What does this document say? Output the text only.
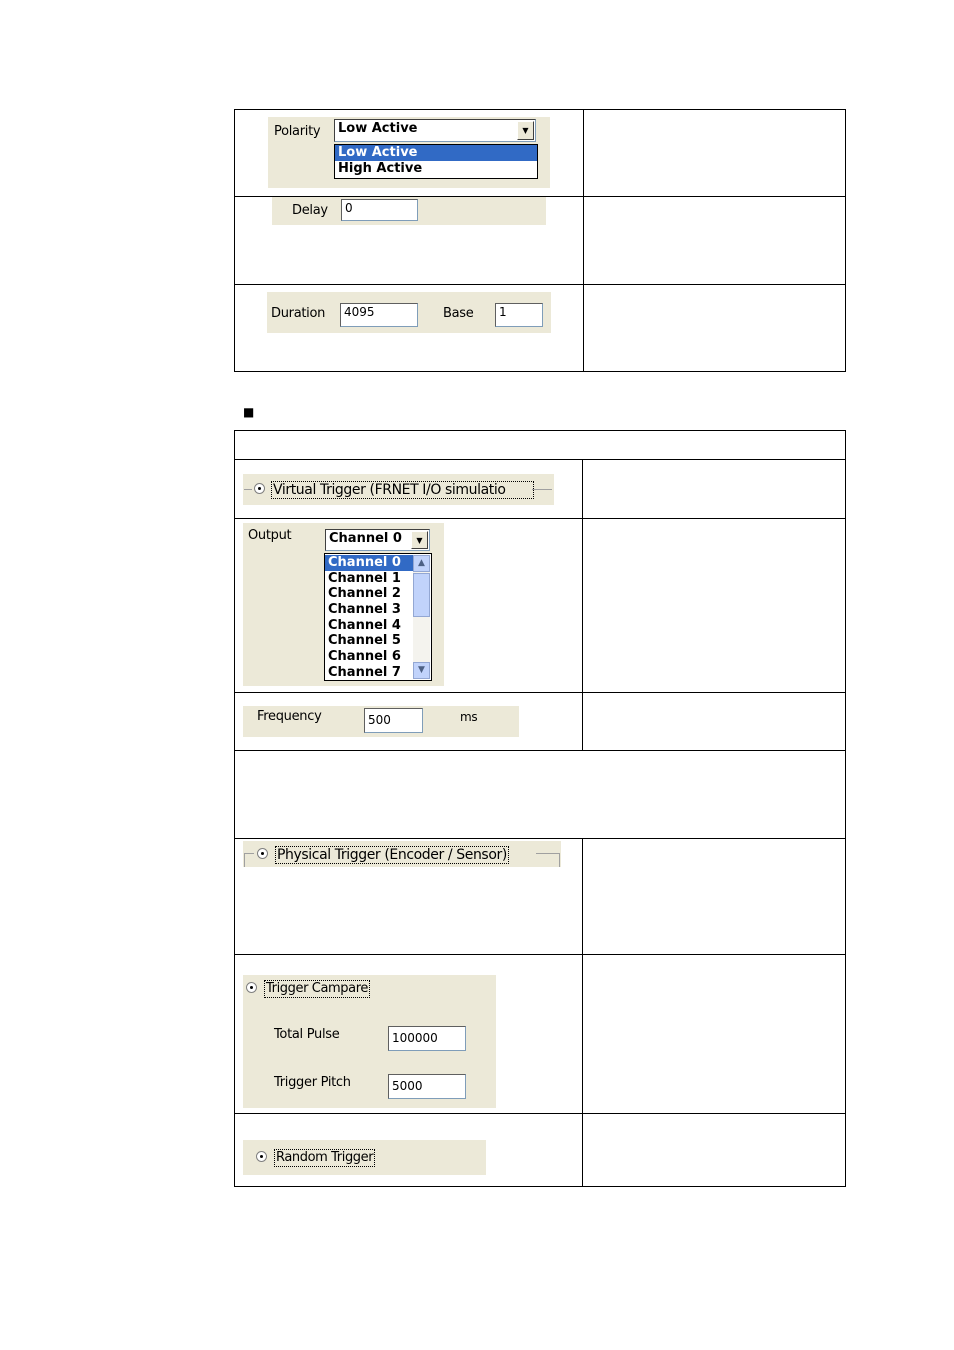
Polarity	Low Active	▼
Low Active
High Active
Delay	0
Duration	4095	Base	1
■
Virtual Trigger (FRNET I/O simulatio
Output	Channel 0	▼
Channel 0
Channel 1
Channel 2
Channel 3
Channel 4
Channel 5
Channel 6
Channel 7
▲
▼
Frequency	500	ms
Physical Trigger (Encoder / Sensor)
Trigger Campare
Total Pulse	100000
Trigger Pitch	5000
Random Trigger
